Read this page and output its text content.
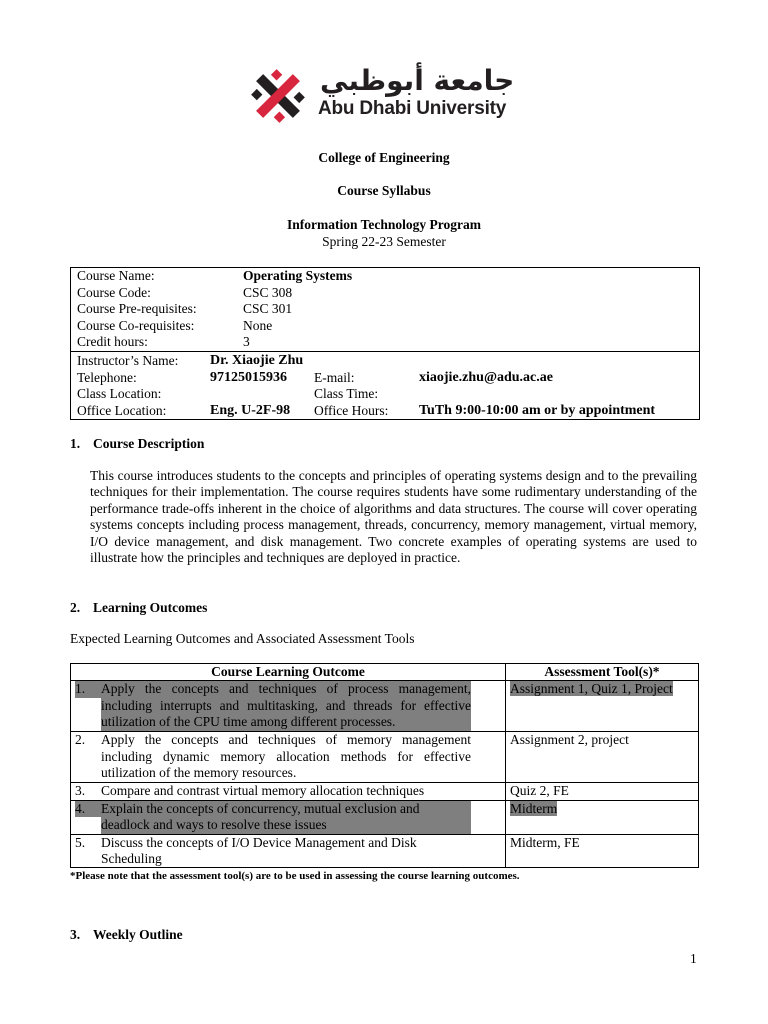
جامعة أبوظبي
Abu Dhabi University
College of Engineering
Course Syllabus
Information Technology Program
Spring 22-23 Semester
Course Name:	Operating Systems
Course Code:	CSC 308
Course Pre-requisites:	CSC 301
Course Co-requisites:	None
Credit hours:	3
Instructor’s Name: Dr. Xiaojie Zhu
Telephone:	97125015936 E-mail:	xiaojie.zhu@adu.ac.ae
Class Location:	Class Time:
Office Location:	Eng. U-2F-98 Office Hours: TuTh 9:00-10:00 am or by appointment
1. Course Description
This course introduces students to the concepts and principles of operating systems design and to the prevailing techniques for their implementation. The course requires students have some rudimentary understanding of the performance trade-offs inherent in the choice of algorithms and data structures. The course will cover operating systems concepts including process management, threads, concurrency, memory management, virtual memory, I/O device management, and disk management. Two concrete examples of operating systems are used to illustrate how the principles and techniques are deployed in practice.
2. Learning Outcomes
Expected Learning Outcomes and Associated Assessment Tools
Course Learning Outcome	Assessment Tool(s)*
1. Apply the concepts and techniques of process management, including interrupts and multitasking, and threads for effective utilization of the CPU time among different processes.	Assignment 1, Quiz 1, Project
2. Apply the concepts and techniques of memory management including dynamic memory allocation methods for effective utilization of the memory resources.	Assignment 2, project
3. Compare and contrast virtual memory allocation techniques	Quiz 2, FE
4. Explain the concepts of concurrency, mutual exclusion and deadlock and ways to resolve these issues	Midterm
5. Discuss the concepts of I/O Device Management and Disk Scheduling	Midterm, FE
*Please note that the assessment tool(s) are to be used in assessing the course learning outcomes.
3. Weekly Outline
1
